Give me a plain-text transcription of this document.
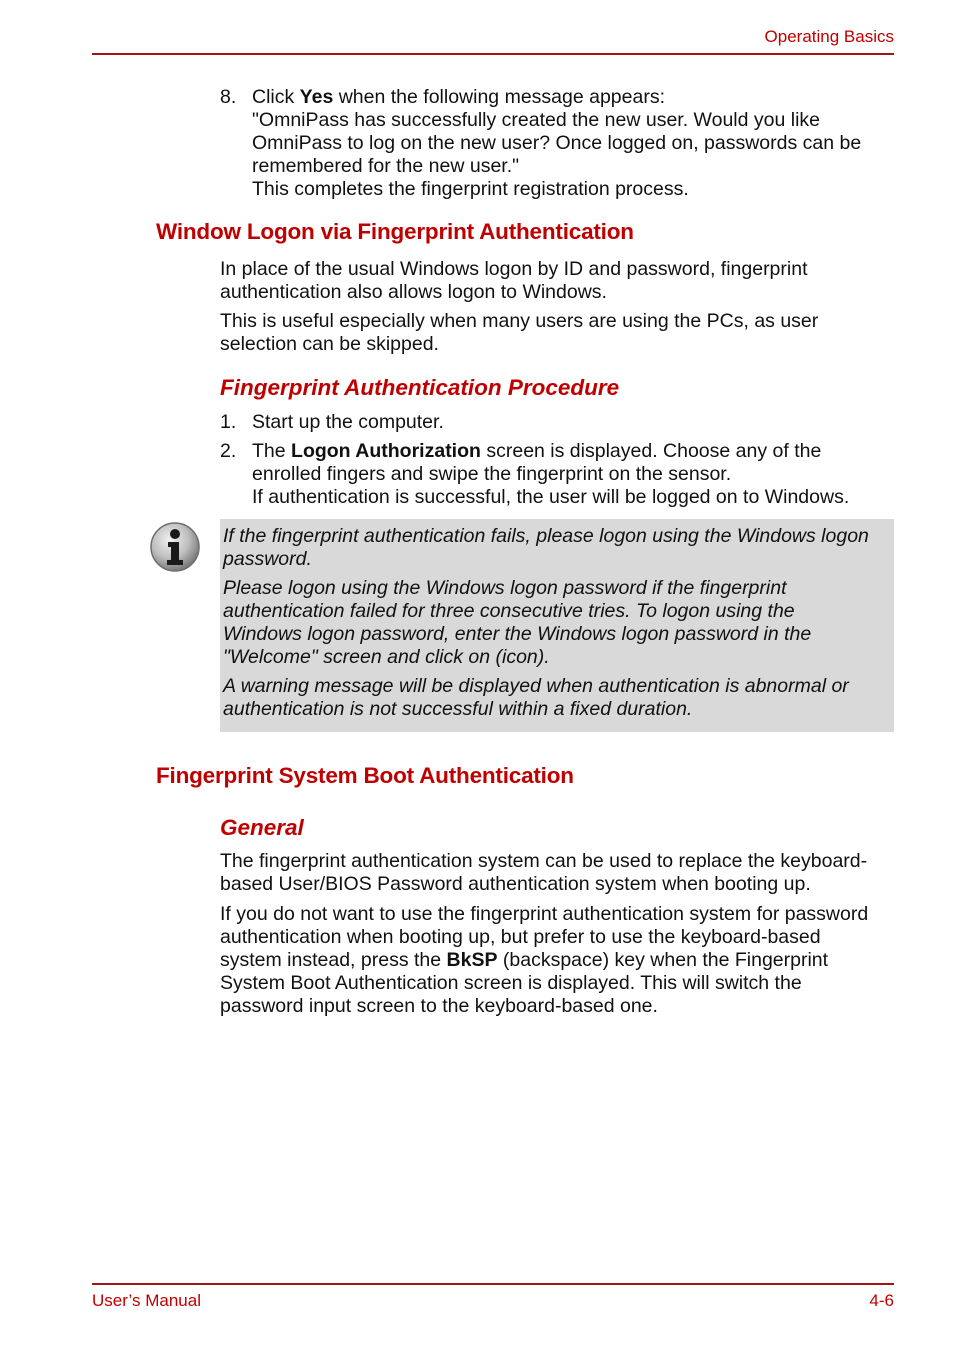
Operating Basics
8. Click Yes when the following message appears:
"OmniPass has successfully created the new user. Would you like
OmniPass to log on the new user? Once logged on, passwords can be
remembered for the new user."
This completes the fingerprint registration process.
Window Logon via Fingerprint Authentication
In place of the usual Windows logon by ID and password, fingerprint
authentication also allows logon to Windows.
This is useful especially when many users are using the PCs, as user
selection can be skipped.
Fingerprint Authentication Procedure
1. Start up the computer.
2. The Logon Authorization screen is displayed. Choose any of the
enrolled fingers and swipe the fingerprint on the sensor.
If authentication is successful, the user will be logged on to Windows.
If the fingerprint authentication fails, please logon using the Windows logon
password.
Please logon using the Windows logon password if the fingerprint
authentication failed for three consecutive tries. To logon using the
Windows logon password, enter the Windows logon password in the
"Welcome" screen and click on (icon).
A warning message will be displayed when authentication is abnormal or
authentication is not successful within a fixed duration.
Fingerprint System Boot Authentication
General
The fingerprint authentication system can be used to replace the keyboard-
based User/BIOS Password authentication system when booting up.
If you do not want to use the fingerprint authentication system for password
authentication when booting up, but prefer to use the keyboard-based
system instead, press the BkSP (backspace) key when the Fingerprint
System Boot Authentication screen is displayed. This will switch the
password input screen to the keyboard-based one.
User’s Manual	4-6
